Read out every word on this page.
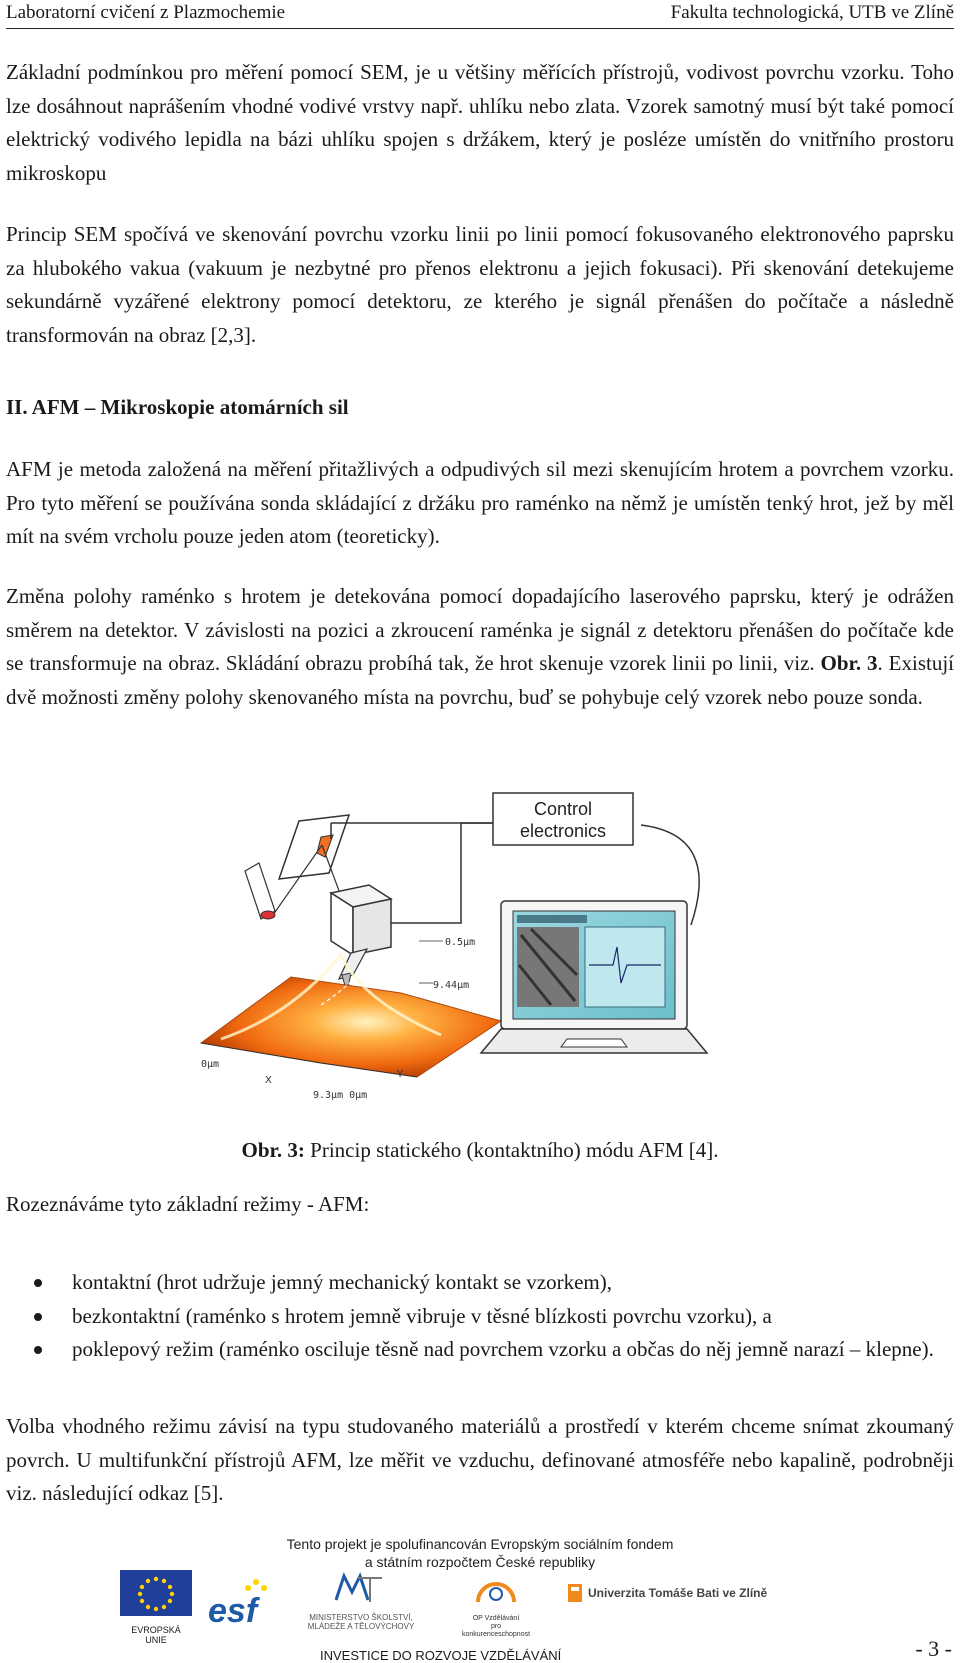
Laboratorní cvičení z Plazmochemie	Fakulta technologická, UTB ve Zlíně

Základní podmínkou pro měření pomocí SEM, je u většiny měřících přístrojů, vodivost povrchu vzorku. Toho lze dosáhnout naprášením vhodné vodivé vrstvy např. uhlíku nebo zlata. Vzorek samotný musí být také pomocí elektrický vodivého lepidla na bázi uhlíku spojen s držákem, který je posléze umístěn do vnitřního prostoru mikroskopu

Princip SEM spočívá ve skenování povrchu vzorku linii po linii pomocí fokusovaného elektronového paprsku za hlubokého vakua (vakuum je nezbytné pro přenos elektronu a jejich fokusaci). Při skenování detekujeme sekundárně vyzářené elektrony pomocí detektoru, ze kterého je signál přenášen do počítače a následně transformován na obraz [2,3].

II. AFM – Mikroskopie atomárních sil

AFM je metoda založená na měření přitažlivých a odpudivých sil mezi skenujícím hrotem a povrchem vzorku. Pro tyto měření se používána sonda skládající z držáku pro raménko na němž je umístěn tenký hrot, jež by měl mít na svém vrcholu pouze jeden atom (teoreticky).

Změna polohy raménko s hrotem je detekována pomocí dopadajícího laserového paprsku, který je odrážen směrem na detektor. V závislosti na pozici a zkroucení raménka je signál z detektoru přenášen do počítače kde se transformuje na obraz. Skládání obrazu probíhá tak, že hrot skenuje vzorek linii po linii, viz. Obr. 3. Existují dvě možnosti změny polohy skenovaného místa na povrchu, buď se pohybuje celý vzorek nebo pouze sonda.

0μm
X
Y
9.3μm 0μm
0.5μm
9.44μm
Control
electronics
Obr. 3: Princip statického (kontaktního) módu AFM [4].

Rozeznáváme tyto základní režimy - AFM:

kontaktní (hrot udržuje jemný mechanický kontakt se vzorkem),
bezkontaktní (raménko s hrotem jemně vibruje v těsné blízkosti povrchu vzorku), a
poklepový režim (raménko osciluje těsně nad povrchem vzorku a občas do něj jemně narazí – klepne).

Volba vhodného režimu závisí na typu studovaného materiálů a prostředí v kterém chceme snímat zkoumaný povrch. U multifunkční přístrojů AFM, lze měřit ve vzduchu, definované atmosféře nebo kapalině, podrobněji viz. následující odkaz [5].

Tento projekt je spolufinancován Evropským sociálním fondem
a státním rozpočtem České republiky
EVROPSKÁ UNIE
esf	MINISTERSTVO ŠKOLSTVÍ,
MLÁDEŽE A TĚLOVÝCHOVY
OP Vzdělávání
pro konkurenceschopnost
Univerzita Tomáše Bati ve Zlíně
INVESTICE DO ROZVOJE VZDĚLÁVÁNÍ	- 3 -
